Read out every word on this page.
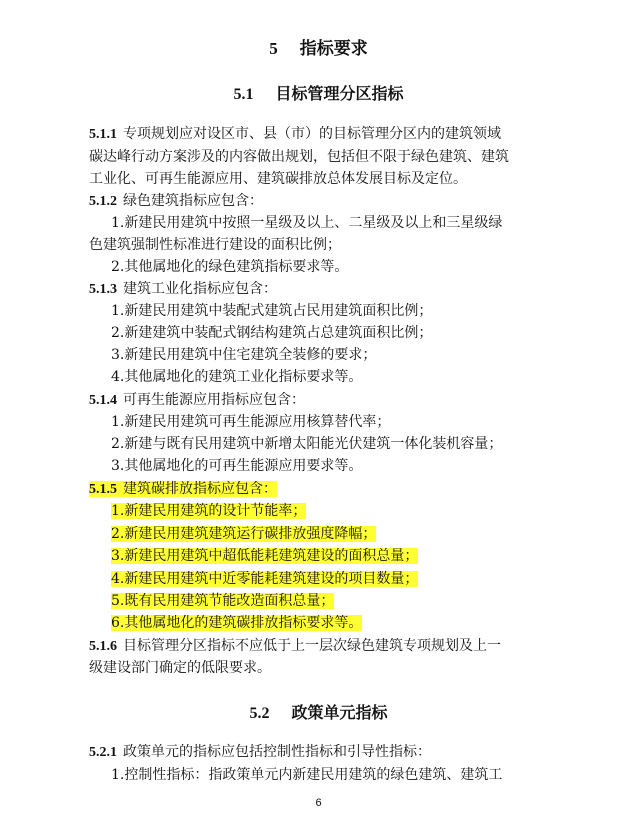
5 指标要求
5.1 目标管理分区指标
5.1.1 专项规划应对设区市、县（市）的目标管理分区内的建筑领域
碳达峰行动方案涉及的内容做出规划，包括但不限于绿色建筑、建筑
工业化、可再生能源应用、建筑碳排放总体发展目标及定位。
5.1.2 绿色建筑指标应包含：
1.新建民用建筑中按照一星级及以上、二星级及以上和三星级绿
色建筑强制性标准进行建设的面积比例；
2.其他属地化的绿色建筑指标要求等。
5.1.3 建筑工业化指标应包含：
1.新建民用建筑中装配式建筑占民用建筑面积比例；
2.新建建筑中装配式钢结构建筑占总建筑面积比例；
3.新建民用建筑中住宅建筑全装修的要求；
4.其他属地化的建筑工业化指标要求等。
5.1.4 可再生能源应用指标应包含：
1.新建民用建筑可再生能源应用核算替代率；
2.新建与既有民用建筑中新增太阳能光伏建筑一体化装机容量；
3.其他属地化的可再生能源应用要求等。
5.1.5 建筑碳排放指标应包含：
1.新建民用建筑的设计节能率；
2.新建民用建筑建筑运行碳排放强度降幅；
3.新建民用建筑中超低能耗建筑建设的面积总量；
4.新建民用建筑中近零能耗建筑建设的项目数量；
5.既有民用建筑节能改造面积总量；
6.其他属地化的建筑碳排放指标要求等。
5.1.6 目标管理分区指标不应低于上一层次绿色建筑专项规划及上一
级建设部门确定的低限要求。
5.2 政策单元指标
5.2.1 政策单元的指标应包括控制性指标和引导性指标：
1.控制性指标：指政策单元内新建民用建筑的绿色建筑、建筑工
6
